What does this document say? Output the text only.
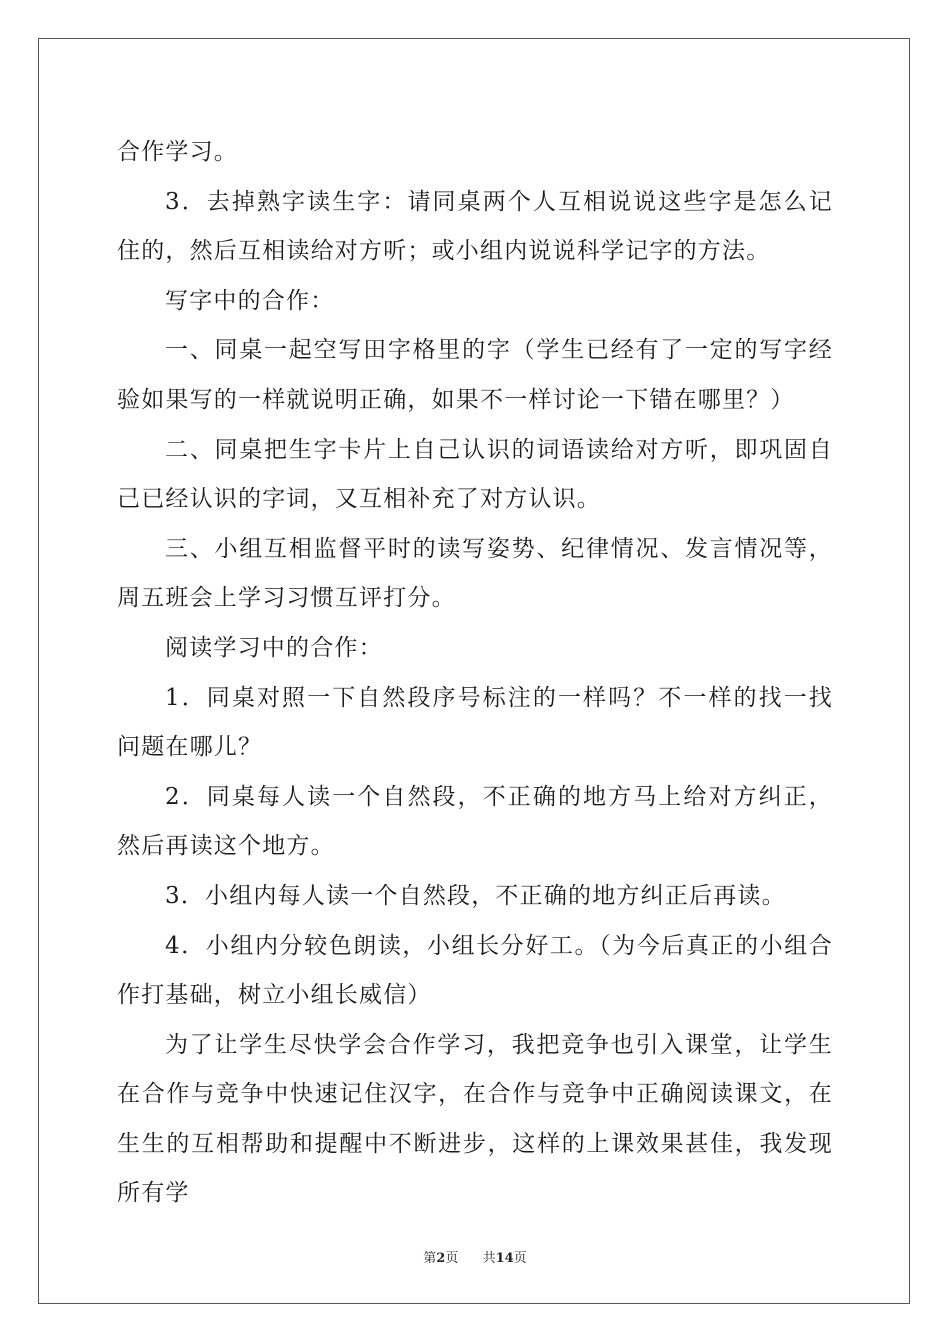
合作学习。

3．去掉熟字读生字：请同桌两个人互相说说这些字是怎么记住的，然后互相读给对方听；或小组内说说科学记字的方法。

写字中的合作：

一、同桌一起空写田字格里的字（学生已经有了一定的写字经验如果写的一样就说明正确，如果不一样讨论一下错在哪里？）

二、同桌把生字卡片上自己认识的词语读给对方听，即巩固自己已经认识的字词，又互相补充了对方认识。

三、小组互相监督平时的读写姿势、纪律情况、发言情况等，周五班会上学习习惯互评打分。

阅读学习中的合作：

1．同桌对照一下自然段序号标注的一样吗？不一样的找一找问题在哪儿？

2．同桌每人读一个自然段，不正确的地方马上给对方纠正，然后再读这个地方。

3．小组内每人读一个自然段，不正确的地方纠正后再读。

4．小组内分较色朗读，小组长分好工。（为今后真正的小组合作打基础，树立小组长威信）

为了让学生尽快学会合作学习，我把竞争也引入课堂，让学生在合作与竞争中快速记住汉字，在合作与竞争中正确阅读课文，在生生的互相帮助和提醒中不断进步，这样的上课效果甚佳，我发现所有学

第2页 共14页
